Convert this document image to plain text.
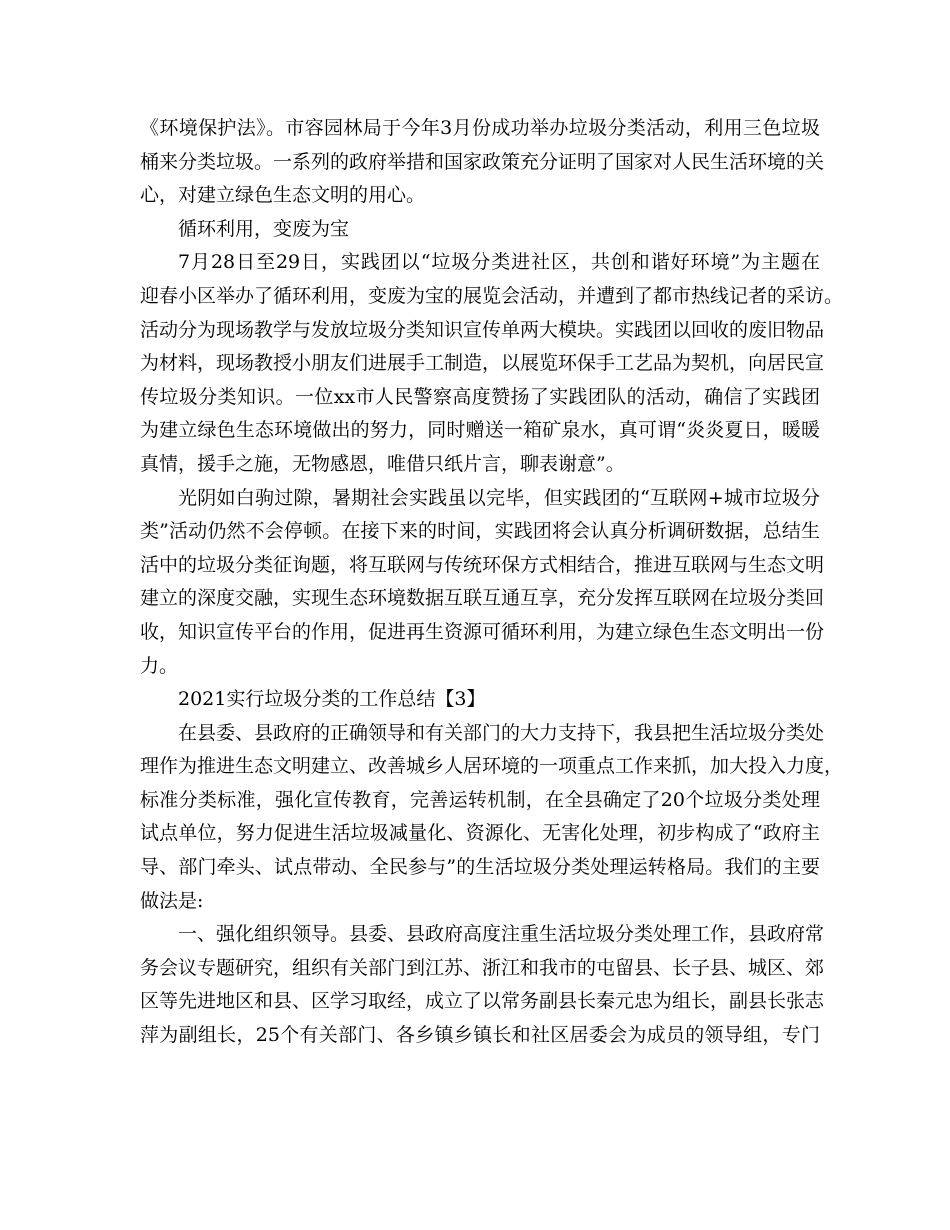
《环境保护法》。市容园林局于今年3月份成功举办垃圾分类活动，利用三色垃圾
桶来分类垃圾。一系列的政府举措和国家政策充分证明了国家对人民生活环境的关
心，对建立绿色生态文明的用心。
循环利用，变废为宝
7月28日至29日，实践团以“垃圾分类进社区，共创和谐好环境”为主题在
迎春小区举办了循环利用，变废为宝的展览会活动，并遭到了都市热线记者的采访。
活动分为现场教学与发放垃圾分类知识宣传单两大模块。实践团以回收的废旧物品
为材料，现场教授小朋友们进展手工制造，以展览环保手工艺品为契机，向居民宣
传垃圾分类知识。一位xx市人民警察高度赞扬了实践团队的活动，确信了实践团
为建立绿色生态环境做出的努力，同时赠送一箱矿泉水，真可谓“炎炎夏日，暖暖
真情，援手之施，无物感恩，唯借只纸片言，聊表谢意”。
光阴如白驹过隙，暑期社会实践虽以完毕，但实践团的“互联网+城市垃圾分
类”活动仍然不会停顿。在接下来的时间，实践团将会认真分析调研数据，总结生
活中的垃圾分类征询题，将互联网与传统环保方式相结合，推进互联网与生态文明
建立的深度交融，实现生态环境数据互联互通互享，充分发挥互联网在垃圾分类回
收，知识宣传平台的作用，促进再生资源可循环利用，为建立绿色生态文明出一份
力。
2021实行垃圾分类的工作总结【3】
在县委、县政府的正确领导和有关部门的大力支持下，我县把生活垃圾分类处
理作为推进生态文明建立、改善城乡人居环境的一项重点工作来抓，加大投入力度，
标准分类标准，强化宣传教育，完善运转机制，在全县确定了20个垃圾分类处理
试点单位，努力促进生活垃圾减量化、资源化、无害化处理，初步构成了“政府主
导、部门牵头、试点带动、全民参与”的生活垃圾分类处理运转格局。我们的主要
做法是:
一、强化组织领导。县委、县政府高度注重生活垃圾分类处理工作，县政府常
务会议专题研究，组织有关部门到江苏、浙江和我市的屯留县、长子县、城区、郊
区等先进地区和县、区学习取经，成立了以常务副县长秦元忠为组长，副县长张志
萍为副组长，25个有关部门、各乡镇乡镇长和社区居委会为成员的领导组，专门
